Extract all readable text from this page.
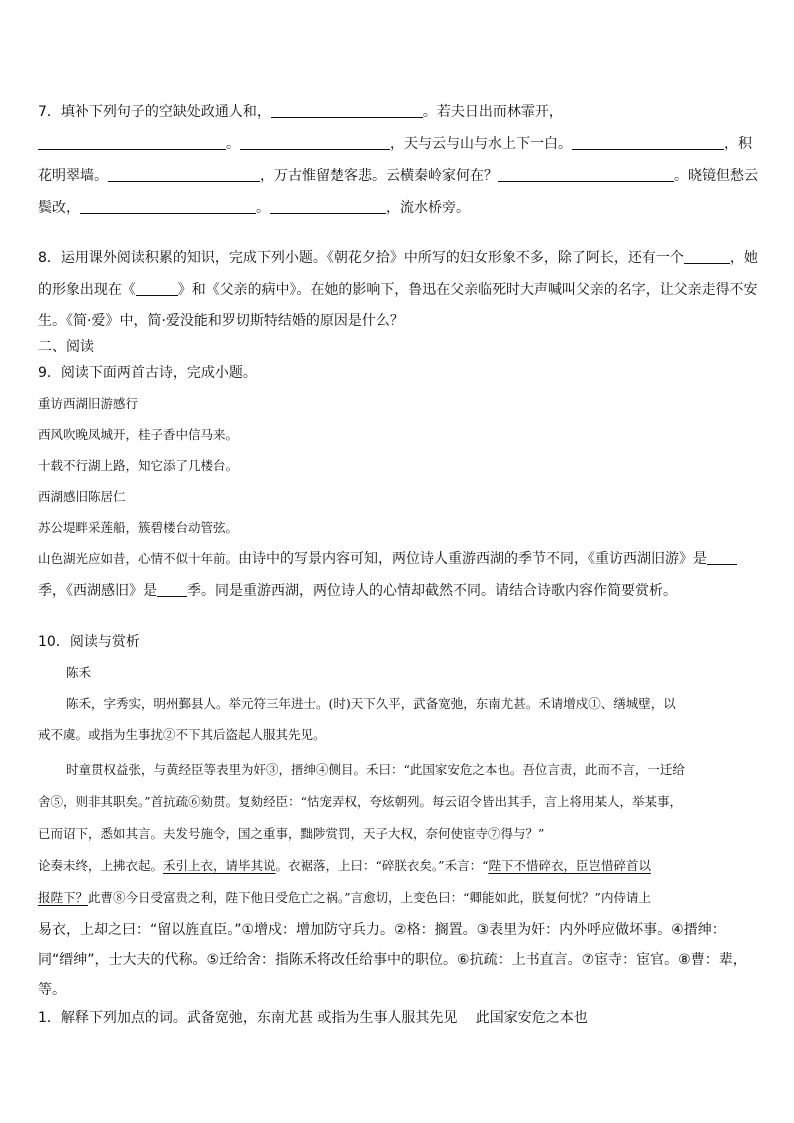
7．填补下列句子的空缺处政通人和，	。若夫日出而林霏开，
。	，天与云与山与水上下一白。	，积
花明翠墙。	，万古惟留楚客悲。云横秦岭家何在？	。晓镜但愁云
鬓改，	。	，流水桥旁。
8．运用课外阅读积累的知识，完成下列小题。《朝花夕拾》中所写的妇女形象不多，除了阿长，还有一个	，她
的形象出现在《	》和《父亲的病中》。在她的影响下，鲁迅在父亲临死时大声喊叫父亲的名字，让父亲走得不安
生。《简·爱》中，简·爱没能和罗切斯特结婚的原因是什么？
二、阅读
9．阅读下面两首古诗，完成小题。
重访西湖旧游感行
西风吹晚凤城开，桂子香中信马来。
十载不行湖上路，知它添了几楼台。
西湖感旧陈居仁
苏公堤畔采莲船，簇碧楼台动管弦。
山色湖光应如昔，心情不似十年前。由诗中的写景内容可知，两位诗人重游西湖的季节不同，《重访西湖旧游》是
季，《西湖感旧》是 季。同是重游西湖，两位诗人的心情却截然不同。请结合诗歌内容作简要赏析。
10．阅读与赏析
陈禾
陈禾，字秀实，明州鄞县人。举元符三年进士。(时)天下久平，武备宽弛，东南尤甚。禾请增戍①、缮城壁，以
戒不虞。或指为生事扰②不下其后盗起人服其先见。
时童贯权益张，与黄经臣等表里为奸③，搢绅④侧目。禾曰：“此国家安危之本也。吾位言责，此而不言，一迁给
舍⑤，则非其职矣。”首抗疏⑥劾贯。复劾经臣：“怙宠弄权，夸炫朝列。每云诏令皆出其手，言上将用某人，举某事，
已而诏下，悉如其言。夫发号施令，国之重事，黜陟赏罚，天子大权，奈何使宦寺⑦得与？”
论奏未终，上拂衣起。禾引上衣，请毕其说。衣裾落，上曰：“碎朕衣矣。”禾言：“陛下不惜碎衣，臣岂惜碎首以
报陛下？此曹⑧今日受富贵之利，陛下他日受危亡之祸。”言愈切，上变色曰：“卿能如此，朕复何忧？”内侍请上
易衣，上却之曰：“留以旌直臣。”①增戍：增加防守兵力。②格：搁置。③表里为奸：内外呼应做坏事。④搢绅：
同“缙绅”，士大夫的代称。⑤迁给舍：指陈禾将改任给事中的职位。⑥抗疏：上书直言。⑦宦寺：宦官。⑧曹：辈，
等。
1．解释下列加点的词。武备宽弛，东南尤甚 或指为生事人服其先见　 此国家安危之本也
